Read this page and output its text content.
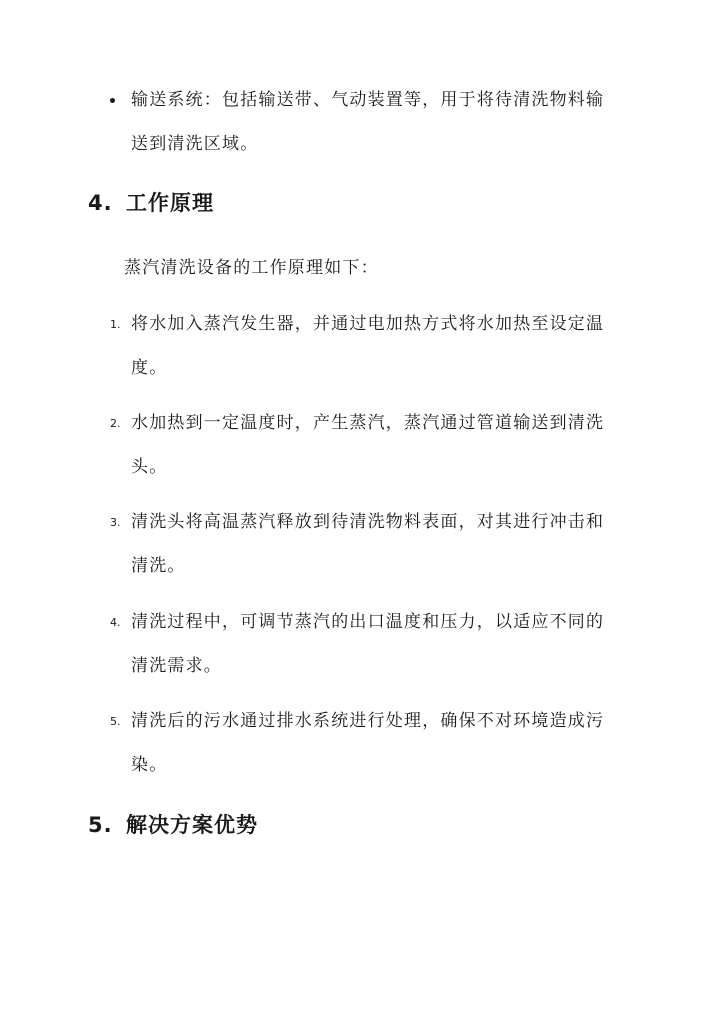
输送系统：包括输送带、气动装置等，用于将待清洗物料输
送到清洗区域。
4. 工作原理
蒸汽清洗设备的工作原理如下：
1. 将水加入蒸汽发生器，并通过电加热方式将水加热至设定温
度。
2. 水加热到一定温度时，产生蒸汽，蒸汽通过管道输送到清洗
头。
3. 清洗头将高温蒸汽释放到待清洗物料表面，对其进行冲击和
清洗。
4. 清洗过程中，可调节蒸汽的出口温度和压力，以适应不同的
清洗需求。
5. 清洗后的污水通过排水系统进行处理，确保不对环境造成污
染。
5. 解决方案优势
